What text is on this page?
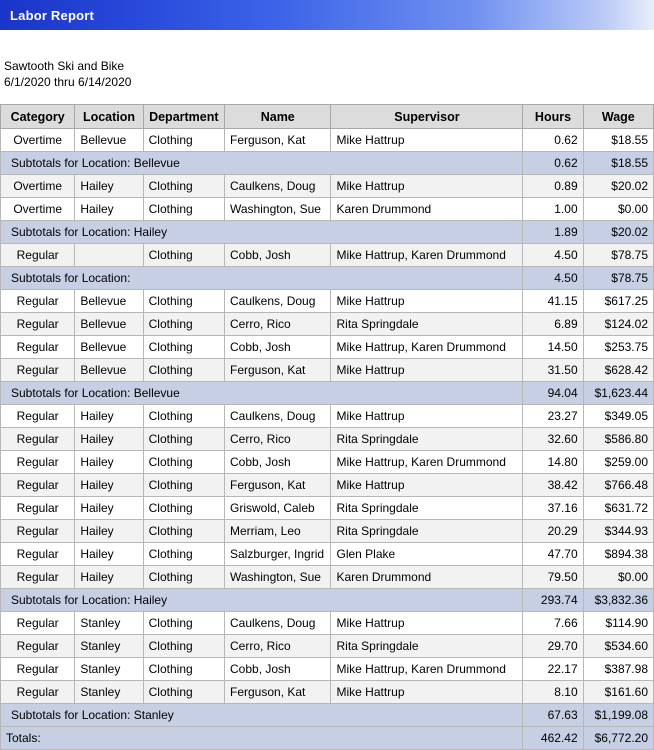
Labor Report
Sawtooth Ski and Bike
6/1/2020 thru 6/14/2020
Category	Location	Department	Name	Supervisor	Hours	Wage
Overtime	Bellevue	Clothing	Ferguson, Kat	Mike Hattrup	0.62	$18.55
Subtotals for Location: Bellevue					0.62	$18.55
Overtime	Hailey	Clothing	Caulkens, Doug	Mike Hattrup	0.89	$20.02
Overtime	Hailey	Clothing	Washington, Sue	Karen Drummond	1.00	$0.00
Subtotals for Location: Hailey					1.89	$20.02
Regular		Clothing	Cobb, Josh	Mike Hattrup, Karen Drummond	4.50	$78.75
Subtotals for Location:					4.50	$78.75
Regular	Bellevue	Clothing	Caulkens, Doug	Mike Hattrup	41.15	$617.25
Regular	Bellevue	Clothing	Cerro, Rico	Rita Springdale	6.89	$124.02
Regular	Bellevue	Clothing	Cobb, Josh	Mike Hattrup, Karen Drummond	14.50	$253.75
Regular	Bellevue	Clothing	Ferguson, Kat	Mike Hattrup	31.50	$628.42
Subtotals for Location: Bellevue					94.04	$1,623.44
Regular	Hailey	Clothing	Caulkens, Doug	Mike Hattrup	23.27	$349.05
Regular	Hailey	Clothing	Cerro, Rico	Rita Springdale	32.60	$586.80
Regular	Hailey	Clothing	Cobb, Josh	Mike Hattrup, Karen Drummond	14.80	$259.00
Regular	Hailey	Clothing	Ferguson, Kat	Mike Hattrup	38.42	$766.48
Regular	Hailey	Clothing	Griswold, Caleb	Rita Springdale	37.16	$631.72
Regular	Hailey	Clothing	Merriam, Leo	Rita Springdale	20.29	$344.93
Regular	Hailey	Clothing	Salzburger, Ingrid	Glen Plake	47.70	$894.38
Regular	Hailey	Clothing	Washington, Sue	Karen Drummond	79.50	$0.00
Subtotals for Location: Hailey					293.74	$3,832.36
Regular	Stanley	Clothing	Caulkens, Doug	Mike Hattrup	7.66	$114.90
Regular	Stanley	Clothing	Cerro, Rico	Rita Springdale	29.70	$534.60
Regular	Stanley	Clothing	Cobb, Josh	Mike Hattrup, Karen Drummond	22.17	$387.98
Regular	Stanley	Clothing	Ferguson, Kat	Mike Hattrup	8.10	$161.60
Subtotals for Location: Stanley					67.63	$1,199.08
Totals:					462.42	$6,772.20
